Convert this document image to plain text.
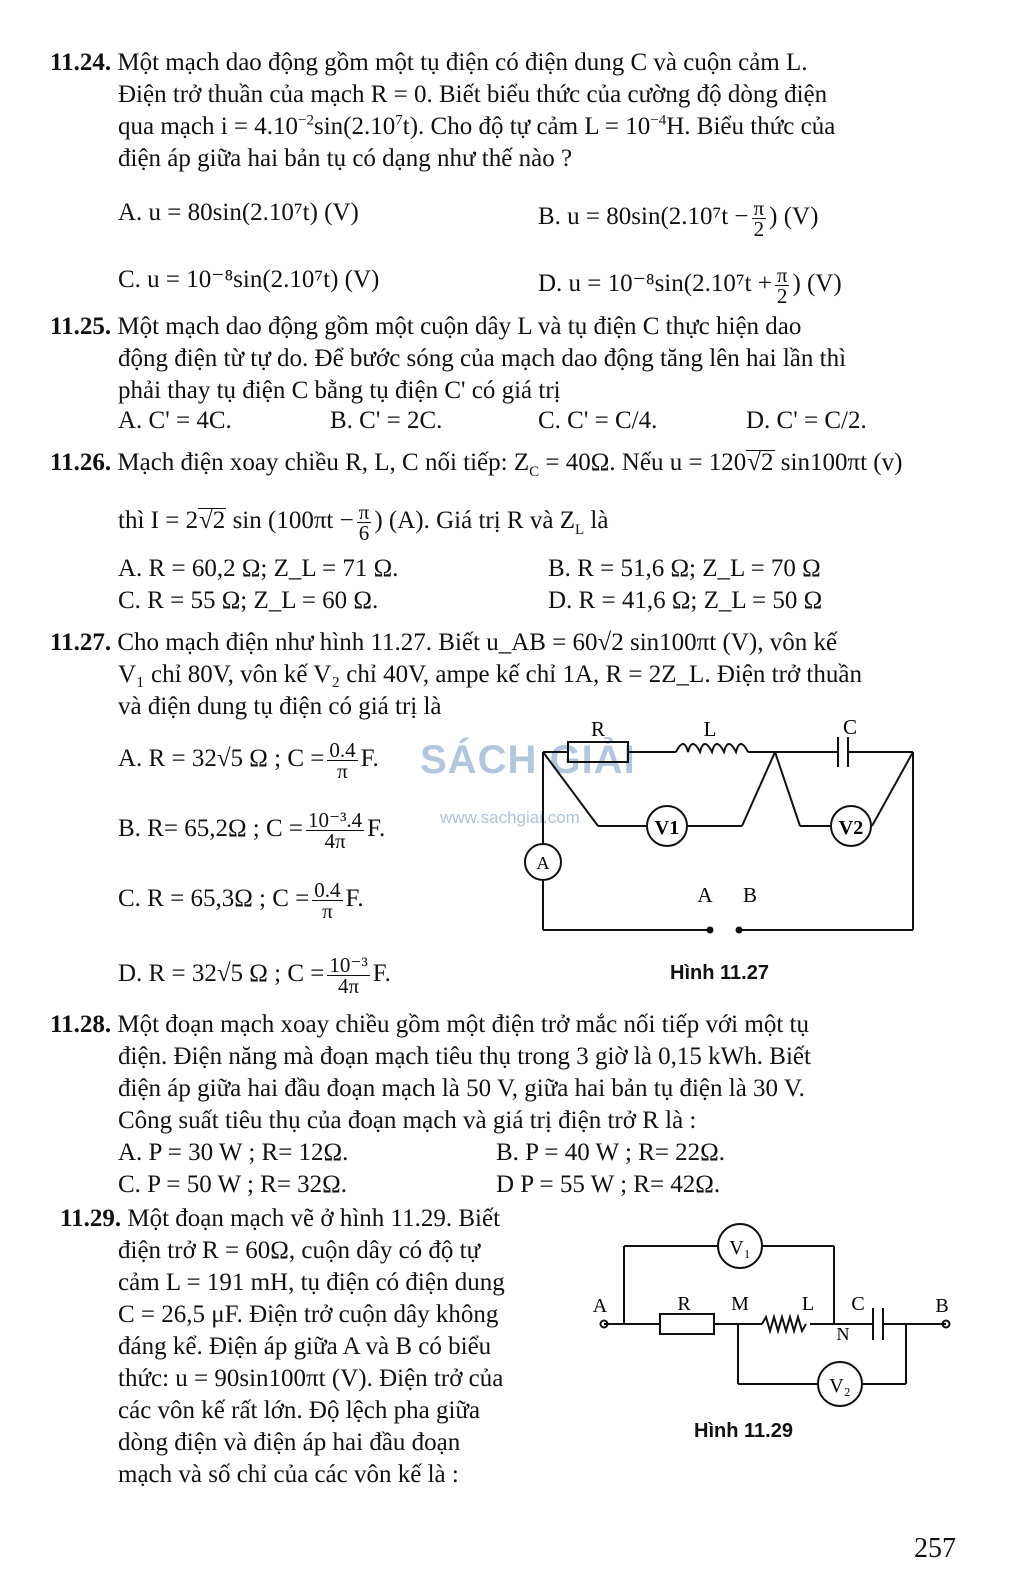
11.24. Một mạch dao động gồm một tụ điện có điện dung C và cuộn cảm L.
Điện trở thuần của mạch R = 0. Biết biểu thức của cường độ dòng điện
qua mạch $i = 4.10^{-2}\sin(2.10^7t)$. Cho độ tự cảm $L = 10^{-4}H$. Biểu thức của
điện áp giữa hai bản tụ có dạng như thế nào ?
A. u = 80sin(2.10⁷t) (V)	B. $u = 80\sin(2.10^7t - \frac{\pi}{2}$ ) (V)
C. u = 10⁻⁸sin(2.10⁷t) (V)	D. $u = 10^{-8}\sin(2.10^7t + \frac{\pi}{2}$ ) (V)
11.25. Một mạch dao động gồm một cuộn dây L và tụ điện C thực hiện dao
động điện từ tự do. Để bước sóng của mạch dao động tăng lên hai lần thì
phải thay tụ điện C bằng tụ điện C' có giá trị
A. C' = 4C.	B. C' = 2C.	C. C' = C/4.	D. C' = C/2.
11.26. Mạch điện xoay chiều R, L, C nối tiếp: $Z_C = 40\Omega$. Nếu u = 120√2 sin100πt (v)
thì I = 2√2 $\sin (100\pi t - \frac{\pi}{6}$ ) (A). Giá trị R và $Z_L$ là
A. R = 60,2 Ω; Z_L = 71 Ω.	B. R = 51,6 Ω; Z_L = 70 Ω
C. R = 55 Ω; Z_L = 60 Ω.	D. R = 41,6 Ω; Z_L = 50 Ω
11.27. Cho mạch điện như hình 11.27. Biết u_AB = 60√2 sin100πt (V), vôn kế
V₁ chỉ 80V, vôn kế V₂ chỉ 40V, ampe kế chỉ 1A, R = 2Z_L. Điện trở thuần
và điện dung tụ điện có giá trị là
A. R = 32√5 Ω ; $C = \frac{0.4}{\pi} F$.
B. R= 65,2Ω ; $C = \frac{\text{10⁻³.4}}{4\pi} F$.
C. R = 65,3Ω ; $C = \frac{0.4}{\pi} F$.
D. R = 32√5 Ω ; $C = \frac{\text{10⁻³}}{4\pi} F$.
SÁCH GIẢI
www.sachgiai.com
R	L	C
V1	V2
A
A B
Hình 11.27
11.28. Một đoạn mạch xoay chiều gồm một điện trở mắc nối tiếp với một tụ
điện. Điện năng mà đoạn mạch tiêu thụ trong 3 giờ là 0,15 kWh. Biết
điện áp giữa hai đầu đoạn mạch là 50 V, giữa hai bản tụ điện là 30 V.
Công suất tiêu thụ của đoạn mạch và giá trị điện trở R là :
A. P = 30 W ; R= 12Ω.	B. P = 40 W ; R= 22Ω.
C. P = 50 W ; R= 32Ω.	D P = 55 W ; R= 42Ω.
11.29. Một đoạn mạch vẽ ở hình 11.29. Biết
điện trở R = 60Ω, cuộn dây có độ tự
cảm L = 191 mH, tụ điện có điện dung
C = 26,5 μF. Điện trở cuộn dây không
đáng kể. Điện áp giữa A và B có biểu
thức: u = 90sin100πt (V). Điện trở của
các vôn kế rất lớn. Độ lệch pha giữa
dòng điện và điện áp hai đầu đoạn
mạch và số chỉ của các vôn kế là :
V₁
V₂
A	R M	L
N
C	B
Hình 11.29
257
